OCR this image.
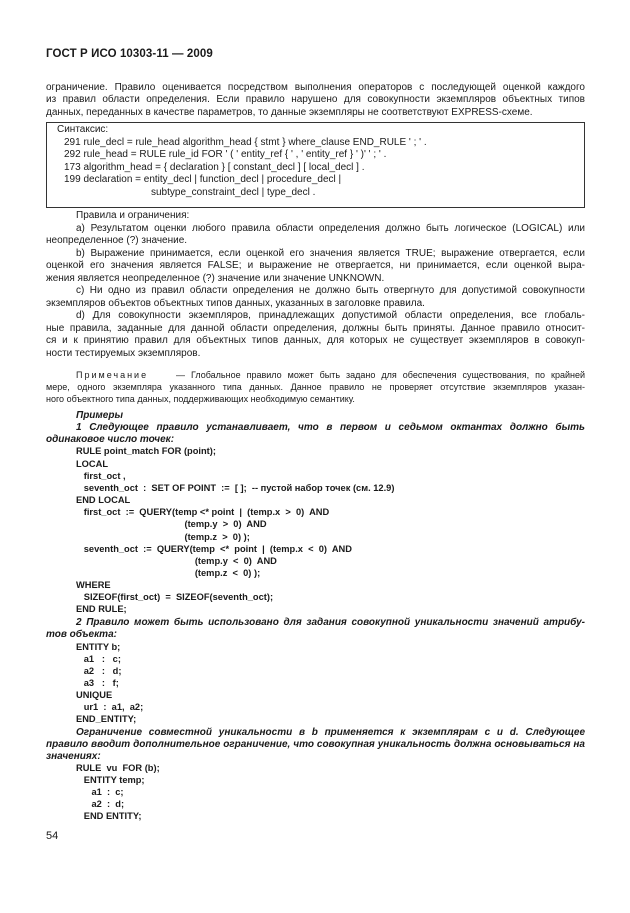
ГОСТ Р ИСО 10303-11 — 2009
ограничение. Правило оценивается посредством выполнения операторов с последующей оценкой каждого
из правил области определения. Если правило нарушено для совокупности экземпляров объектных типов
данных, переданных в качестве параметров, то данные экземпляры не соответствуют EXPRESS-схеме.
Синтаксис:
291 rule_decl = rule_head algorithm_head { stmt } where_clause END_RULE ' ; ' .
292 rule_head = RULE rule_id FOR ' ( ' entity_ref { ' , ' entity_ref } ' )' ' ; ' .
173 algorithm_head = { declaration } [ constant_decl ] [ local_decl ] .
199 declaration = entity_decl | function_decl | procedure_decl |
subtype_constraint_decl | type_decl .
Правила и ограничения:
а) Результатом оценки любого правила области определения должно быть логическое (LOGICAL) или
неопределенное (?) значение.
b) Выражение принимается, если оценкой его значения является TRUE; выражение отвергается, если
оценкой его значения является FALSE; и выражение не отвергается, ни принимается, если оценкой выра-
жения является неопределенное (?) значение или значение UNKNOWN.
с) Ни одно из правил области определения не должно быть отвергнуто для допустимой совокупности
экземпляров объектов объектных типов данных, указанных в заголовке правила.
d) Для совокупности экземпляров, принадлежащих допустимой области определения, все глобаль-
ные правила, заданные для данной области определения, должны быть приняты. Данное правило относит-
ся и к принятию правил для объектных типов данных, для которых не существует экземпляров в совокуп-
ности тестируемых экземпляров.
Примечание	— Глобальное правило может быть задано для обеспечения существования, по крайней
мере, одного экземпляра указанного типа данных. Данное правило не проверяет отсутствие экземпляров указан-
ного объектного типа данных, поддерживающих необходимую семантику.
Примеры
1 Следующее правило устанавливает, что в первом и седьмом октантах должно быть
одинаковое число точек:
RULE point_match FOR (point);
LOCAL
first_oct ,
seventh_oct  :  SET OF POINT  :=  [ ];  -- пустой набор точек (см. 12.9)
END LOCAL
first_oct  :=  QUERY(temp <* point  |  (temp.x  >  0)  AND
(temp.y  >  0)  AND
(temp.z  >  0) );
seventh_oct  :=  QUERY(temp  <*  point  |  (temp.x  <  0)  AND
(temp.y  <  0)  AND
(temp.z  <  0) );
WHERE
SIZEOF(first_oct)  =  SIZEOF(seventh_oct);
END RULE;
2 Правило может быть использовано для задания совокупной уникальности значений атрибу-
тов объекта:
ENTITY b;
a1   :   c;
a2   :   d;
a3   :   f;
UNIQUE
ur1  :  a1,  a2;
END_ENTITY;
Ограничение совместной уникальности в b применяется к экземплярам c и d. Следующее
правило вводит дополнительное ограничение, что совокупная уникальность должна основываться на
значениях:
RULE  vu  FOR (b);
ENTITY temp;
a1  :  c;
a2  :  d;
END ENTITY;
54
